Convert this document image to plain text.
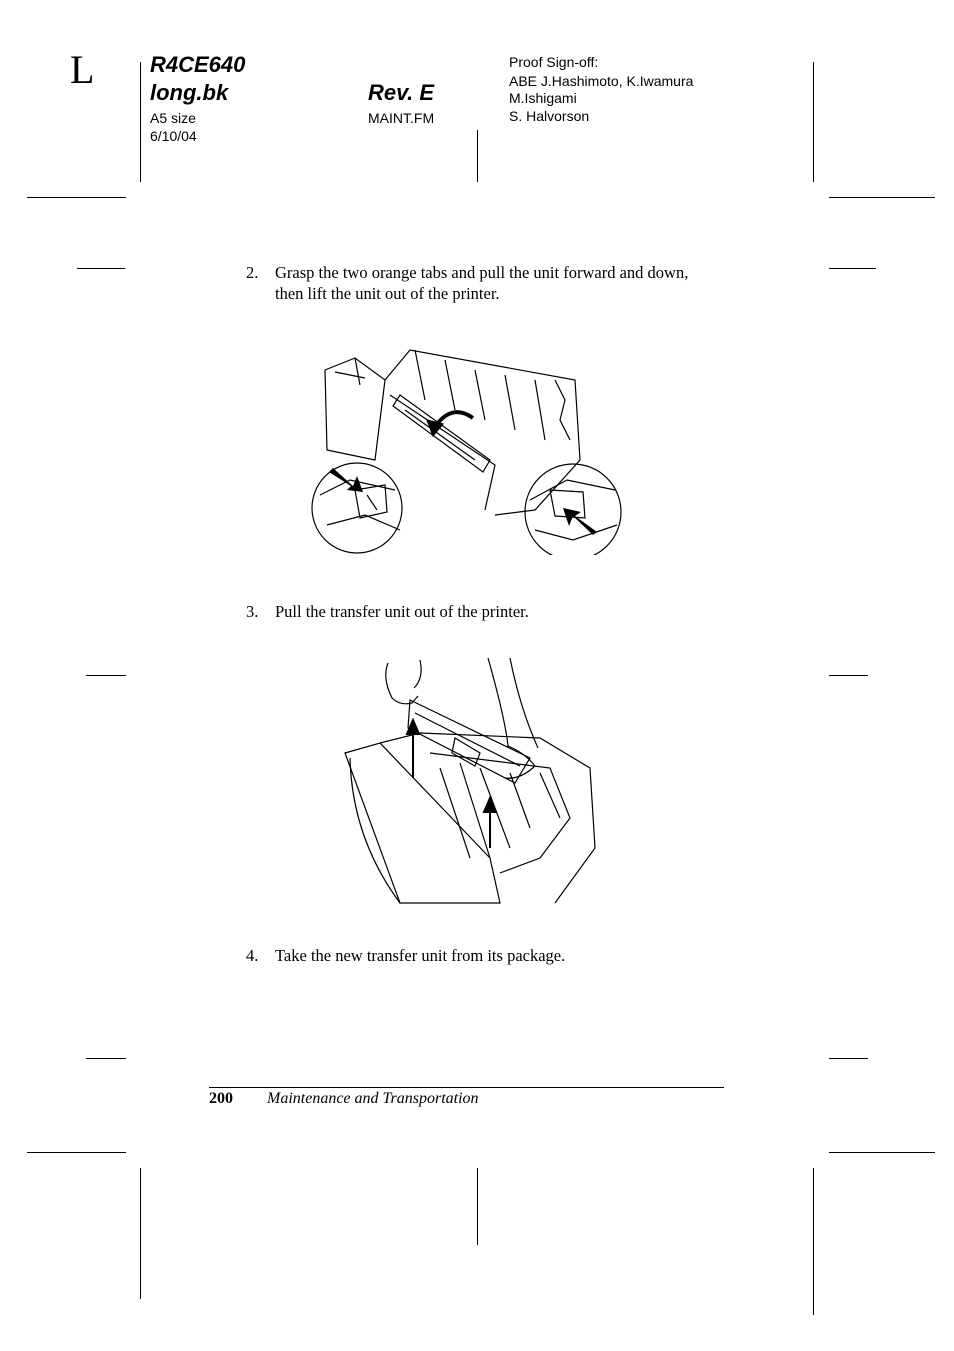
L	R4CE640
long.bk
A5 size
6/10/04
Rev. E
MAINT.FM
Proof Sign-off:
ABE J.Hashimoto, K.Iwamura
M.Ishigami
S. Halvorson
2. Grasp the two orange tabs and pull the unit forward and down, then lift the unit out of the printer.
3. Pull the transfer unit out of the printer.
4. Take the new transfer unit from its package.
200 Maintenance and Transportation
